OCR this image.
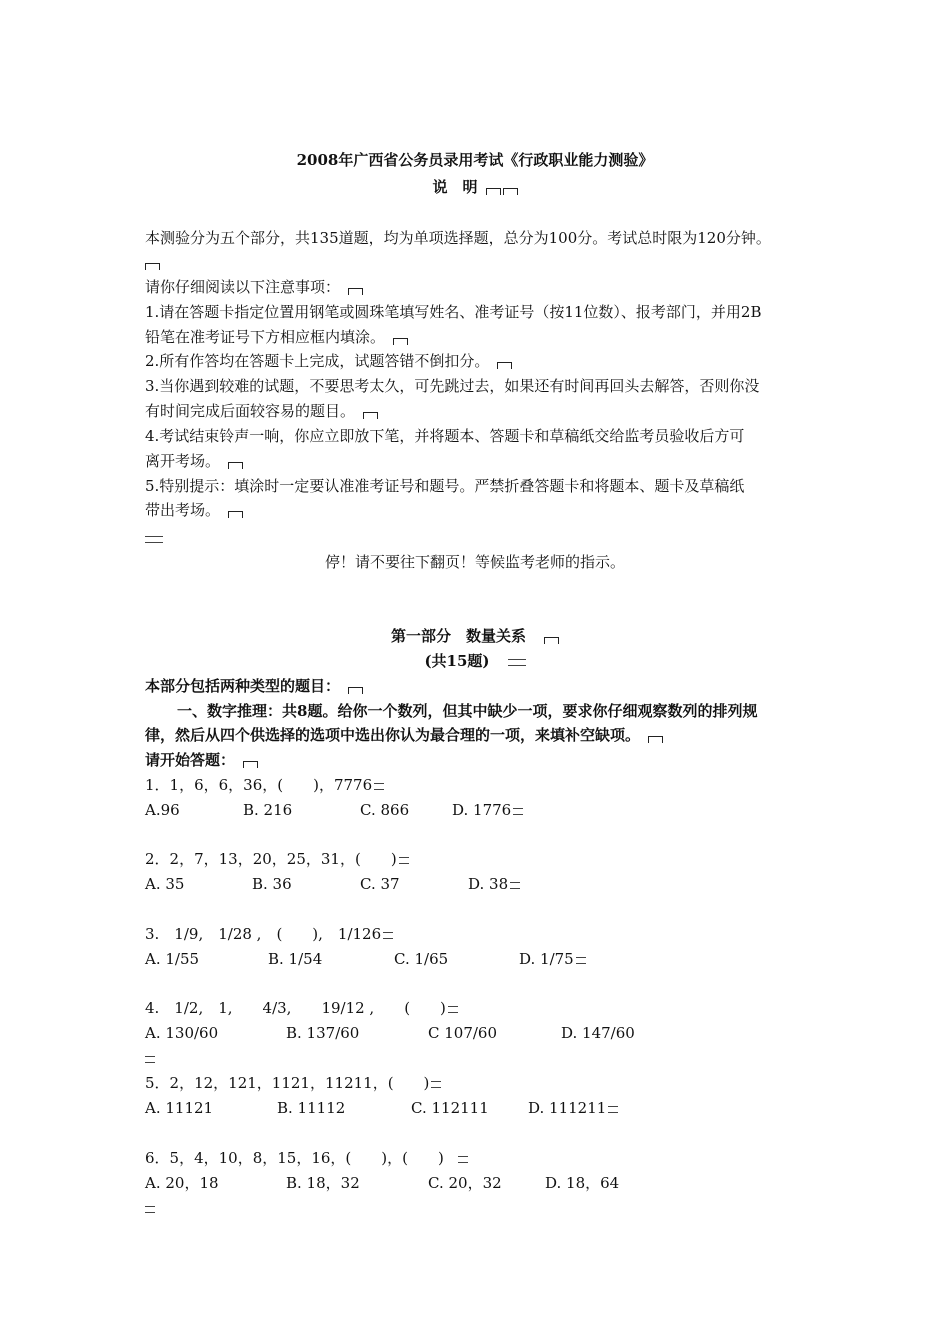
2008年广西省公务员录用考试《行政职业能力测验》
说　明
本测验分为五个部分，共135道题，均为单项选择题，总分为100分。考试总时限为120分钟。
请你仔细阅读以下注意事项：
1.请在答题卡指定位置用钢笔或圆珠笔填写姓名、准考证号（按11位数）、报考部门，并用2B
铅笔在准考证号下方相应框内填涂。
2.所有作答均在答题卡上完成，试题答错不倒扣分。
3.当你遇到较难的试题，不要思考太久，可先跳过去，如果还有时间再回头去解答，否则你没
有时间完成后面较容易的题目。
4.考试结束铃声一响，你应立即放下笔，并将题本、答题卡和草稿纸交给监考员验收后方可
离开考场。
5.特别提示：填涂时一定要认准准考证号和题号。严禁折叠答题卡和将题本、题卡及草稿纸
带出考场。
停！请不要往下翻页！等候监考老师的指示。
第一部分　数量关系
(共15题)
本部分包括两种类型的题目：
一、数字推理：共8题。给你一个数列，但其中缺少一项，要求你仔细观察数列的排列规
律，然后从四个供选择的选项中选出你认为最合理的一项，来填补空缺项。
请开始答题：
1．1，6，6，36，(　　)，7776
A.96	B. 216	C. 866	D. 1776
2．2，7，13，20，25，31，(　　)
A. 35	B. 36	C. 37	D. 38
3.　1/9,　1/28 ,　(　　),　1/126
A. 1/55	B. 1/54	C. 1/65	D. 1/75
4.　1/2,　1,　　4/3,　　19/12 ,　　(　　)
A. 130/60	B. 137/60	C 107/60	D. 147/60
5．2，12，121，1121，11211，(　　)
A. 11121	B. 11112	C. 112111	D. 111211
6．5，4，10，8，15，16，(　　)，(　　)
A. 20，18	B. 18，32	C. 20，32	D. 18，64
